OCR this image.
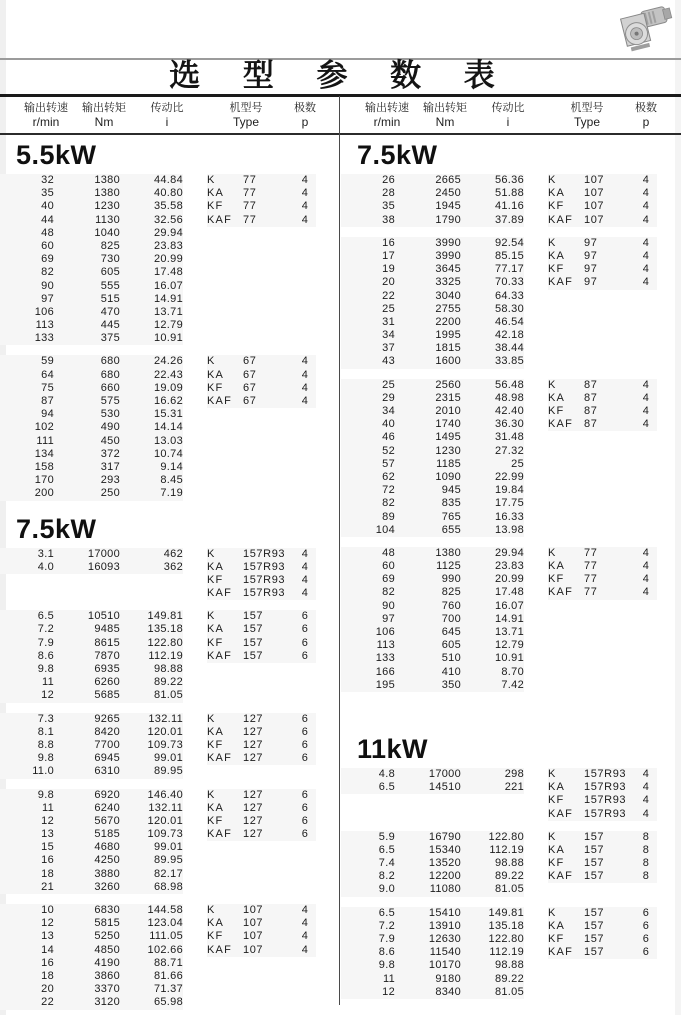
选 型 参 数 表
输出转速
r/min
输出转矩
Nm
传动比
i
机型号
Type
极数
p
输出转速
r/min
输出转矩
Nm
传动比
i
机型号
Type
极数
p
5.5kW
32	1380	44.84 K	77	4
35	1380	40.80 KA	77	4
40	1230	35.58 KF	77	4
44	1130	32.56 KAF	77	4
48	1040	29.94
60	825	23.83
69	730	20.99
82	605	17.48
90	555	16.07
97	515	14.91
106	470	13.71
113	445	12.79
133	375	10.91
59	680	24.26 K	67	4
64	680	22.43 KA	67	4
75	660	19.09 KF	67	4
87	575	16.62 KAF	67	4
94	530	15.31
102	490	14.14
111	450	13.03
134	372	10.74
158	317	9.14
170	293	8.45
200	250	7.19
7.5kW
3.1	17000	462 K	157R93	4
4.0	16093	362 KA	157R93	4
KF	157R93	4
KAF	157R93	4
6.5	10510	149.81 K	157	6
7.2	9485	135.18 KA	157	6
7.9	8615	122.80 KF	157	6
8.6	7870	112.19 KAF	157	6
9.8	6935	98.88
11	6260	89.22
12	5685	81.05
7.3	9265	132.11 K	127	6
8.1	8420	120.01 KA	127	6
8.8	7700	109.73 KF	127	6
9.8	6945	99.01 KAF	127	6
11.0	6310	89.95
9.8	6920	146.40 K	127	6
11	6240	132.11 KA	127	6
12	5670	120.01 KF	127	6
13	5185	109.73 KAF	127	6
15	4680	99.01
16	4250	89.95
18	3880	82.17
21	3260	68.98
10	6830	144.58 K	107	4
12	5815	123.04 KA	107	4
13	5250	111.05 KF	107	4
14	4850	102.66 KAF	107	4
16	4190	88.71
18	3860	81.66
20	3370	71.37
22	3120	65.98
7.5kW
26	2665	56.36 K	107	4
28	2450	51.88 KA	107	4
35	1945	41.16 KF	107	4
38	1790	37.89 KAF	107	4
16	3990	92.54 K	97	4
17	3990	85.15 KA	97	4
19	3645	77.17 KF	97	4
20	3325	70.33 KAF	97	4
22	3040	64.33
25	2755	58.30
31	2200	46.54
34	1995	42.18
37	1815	38.44
43	1600	33.85
25	2560	56.48 K	87	4
29	2315	48.98 KA	87	4
34	2010	42.40 KF	87	4
40	1740	36.30 KAF	87	4
46	1495	31.48
52	1230	27.32
57	1185	25
62	1090	22.99
72	945	19.84
82	835	17.75
89	765	16.33
104	655	13.98
48	1380	29.94 K	77	4
60	1125	23.83 KA	77	4
69	990	20.99 KF	77	4
82	825	17.48 KAF	77	4
90	760	16.07
97	700	14.91
106	645	13.71
113	605	12.79
133	510	10.91
166	410	8.70
195	350	7.42
11kW
4.8	17000	298 K	157R93	4
6.5	14510	221 KA	157R93	4
KF	157R93	4
KAF	157R93	4
5.9	16790	122.80 K	157	8
6.5	15340	112.19 KA	157	8
7.4	13520	98.88 KF	157	8
8.2	12200	89.22 KAF	157	8
9.0	11080	81.05
6.5	15410	149.81 K	157	6
7.2	13910	135.18 KA	157	6
7.9	12630	122.80 KF	157	6
8.6	11540	112.19 KAF	157	6
9.8	10170	98.88
11	9180	89.22
12	8340	81.05
